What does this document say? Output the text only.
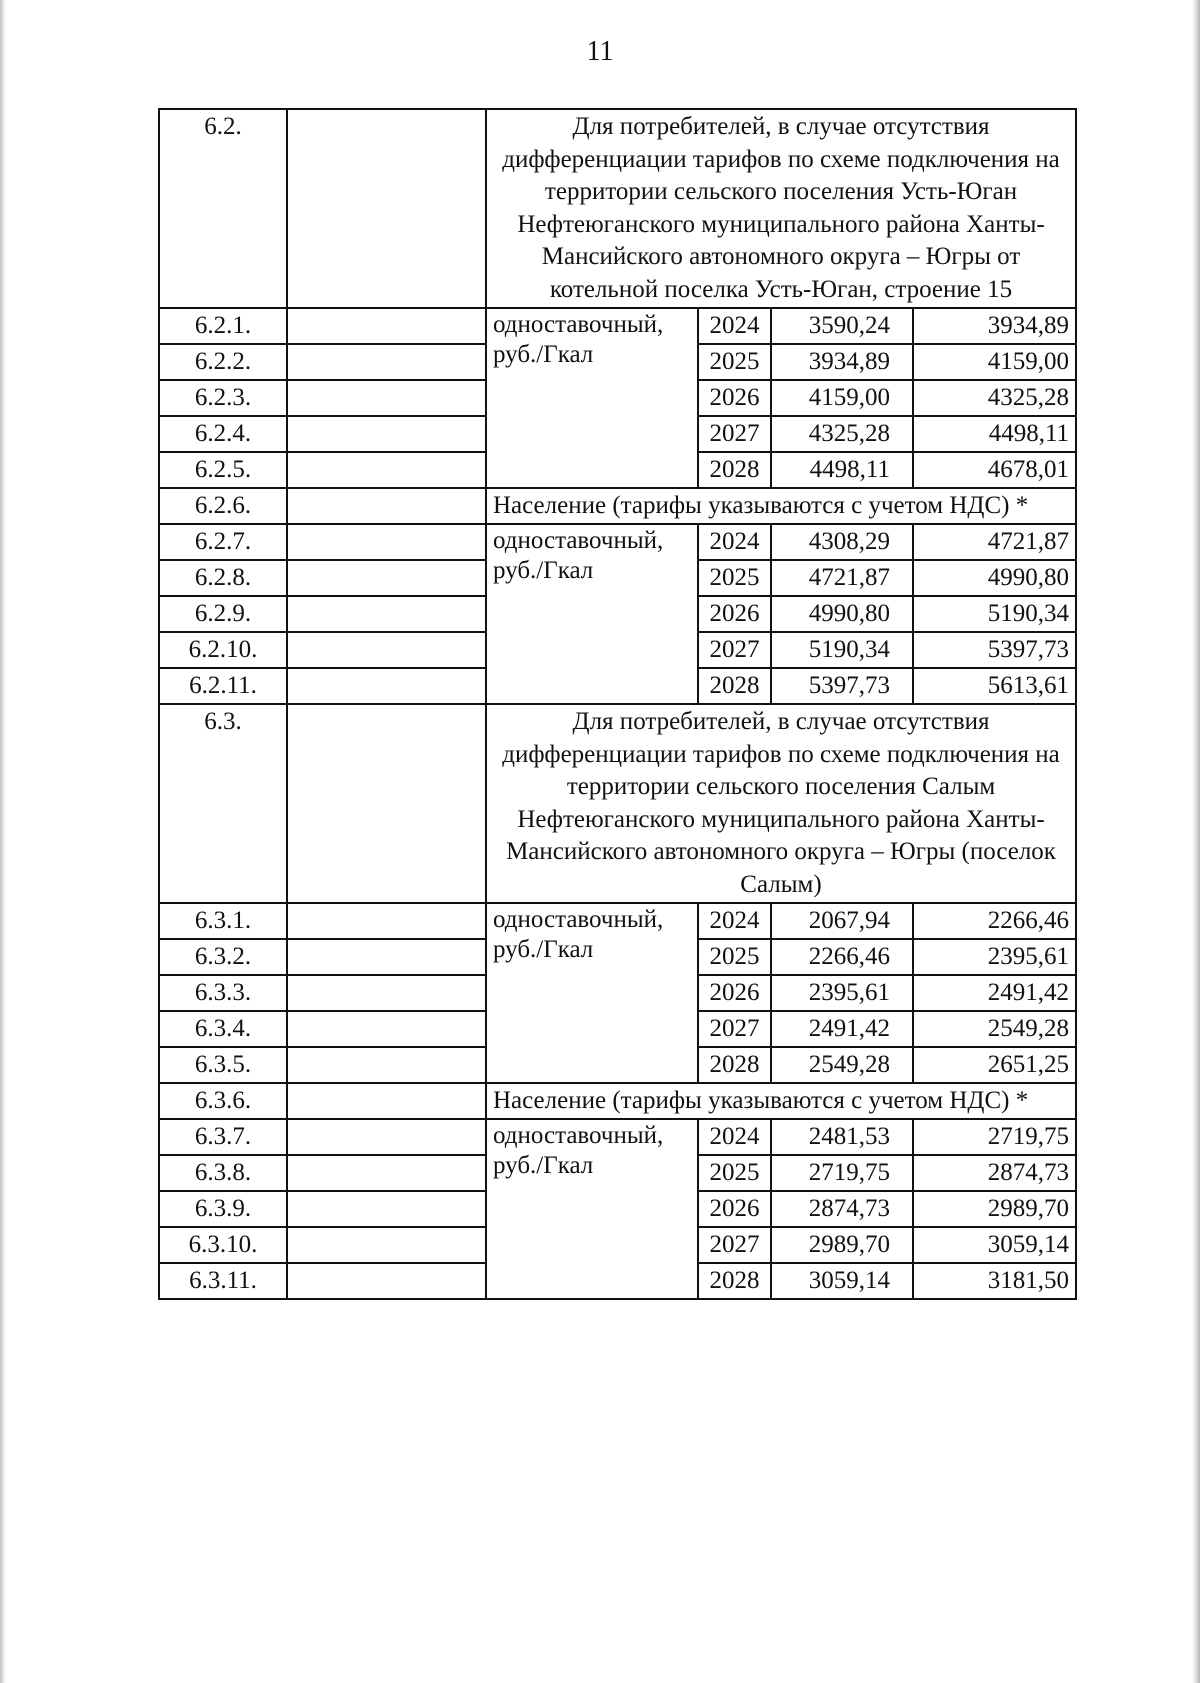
11
6.2.		Для потребителей, в случае отсутствия дифференциации тарифов по схеме подключения на территории сельского поселения Усть-Юган Нефтеюганского муниципального района Ханты-Мансийского автономного округа – Югры от котельной поселка Усть-Юган, строение 15			
6.2.1.		одноставочный, руб./Гкал	2024	3590,24	3934,89
6.2.2.			2025	3934,89	4159,00
6.2.3.			2026	4159,00	4325,28
6.2.4.			2027	4325,28	4498,11
6.2.5.			2028	4498,11	4678,01
6.2.6.		Население (тарифы указываются с учетом НДС) *			
6.2.7.		одноставочный, руб./Гкал	2024	4308,29	4721,87
6.2.8.			2025	4721,87	4990,80
6.2.9.			2026	4990,80	5190,34
6.2.10.			2027	5190,34	5397,73
6.2.11.			2028	5397,73	5613,61
6.3.		Для потребителей, в случае отсутствия дифференциации тарифов по схеме подключения на территории сельского поселения Салым Нефтеюганского муниципального района Ханты-Мансийского автономного округа – Югры (поселок Салым)			
6.3.1.		одноставочный, руб./Гкал	2024	2067,94	2266,46
6.3.2.			2025	2266,46	2395,61
6.3.3.			2026	2395,61	2491,42
6.3.4.			2027	2491,42	2549,28
6.3.5.			2028	2549,28	2651,25
6.3.6.		Население (тарифы указываются с учетом НДС) *			
6.3.7.		одноставочный, руб./Гкал	2024	2481,53	2719,75
6.3.8.			2025	2719,75	2874,73
6.3.9.			2026	2874,73	2989,70
6.3.10.			2027	2989,70	3059,14
6.3.11.			2028	3059,14	3181,50
